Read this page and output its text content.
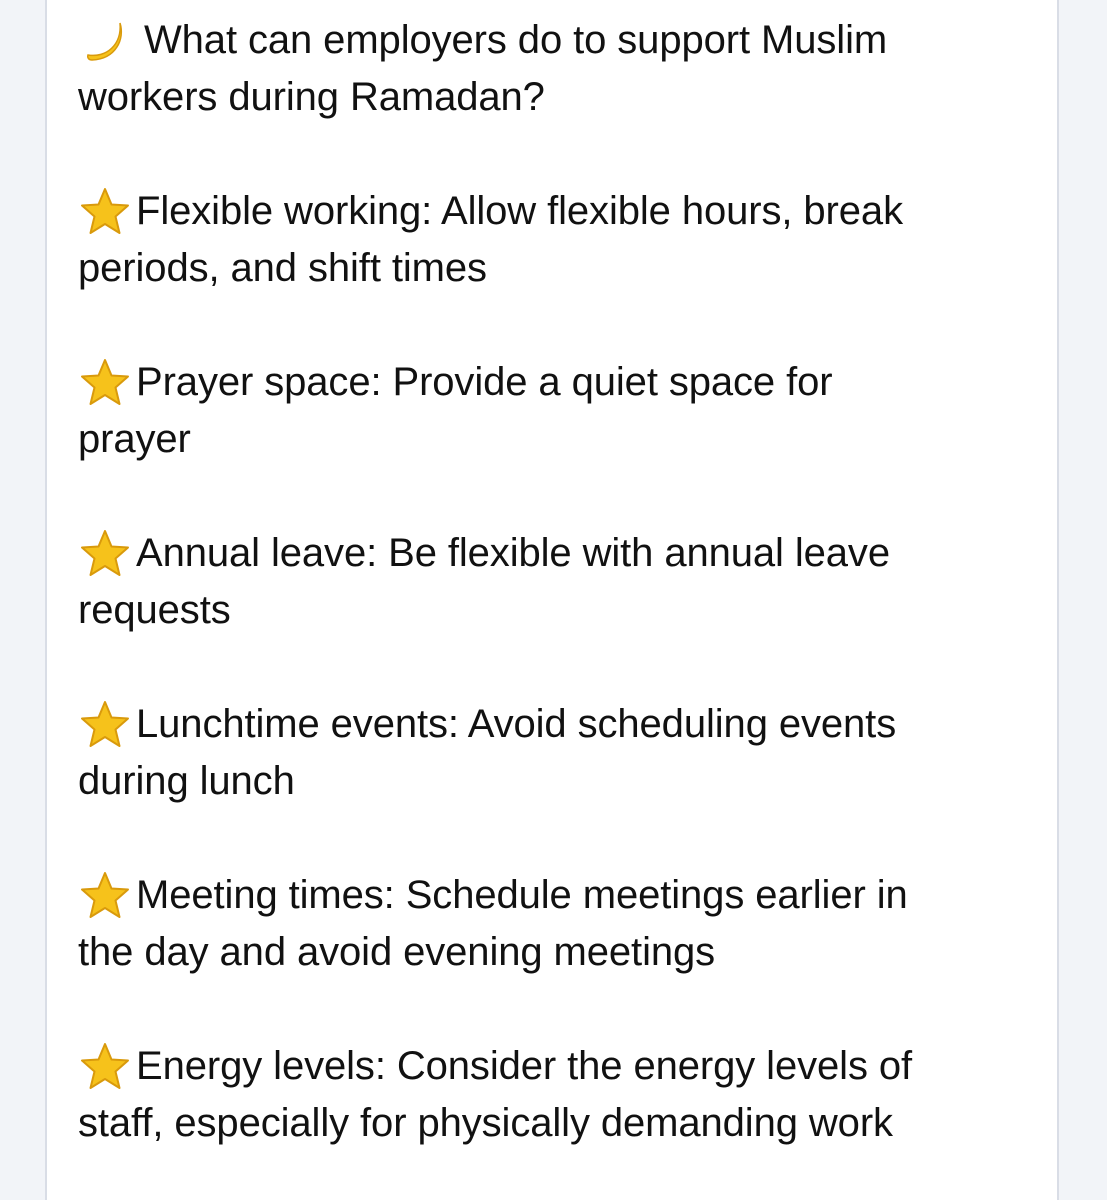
What can employers do to support Muslim
workers during Ramadan?
Flexible working: Allow flexible hours, break
periods, and shift times
Prayer space: Provide a quiet space for
prayer
Annual leave: Be flexible with annual leave
requests
Lunchtime events: Avoid scheduling events
during lunch
Meeting times: Schedule meetings earlier in
the day and avoid evening meetings
Energy levels: Consider the energy levels of
staff, especially for physically demanding work
